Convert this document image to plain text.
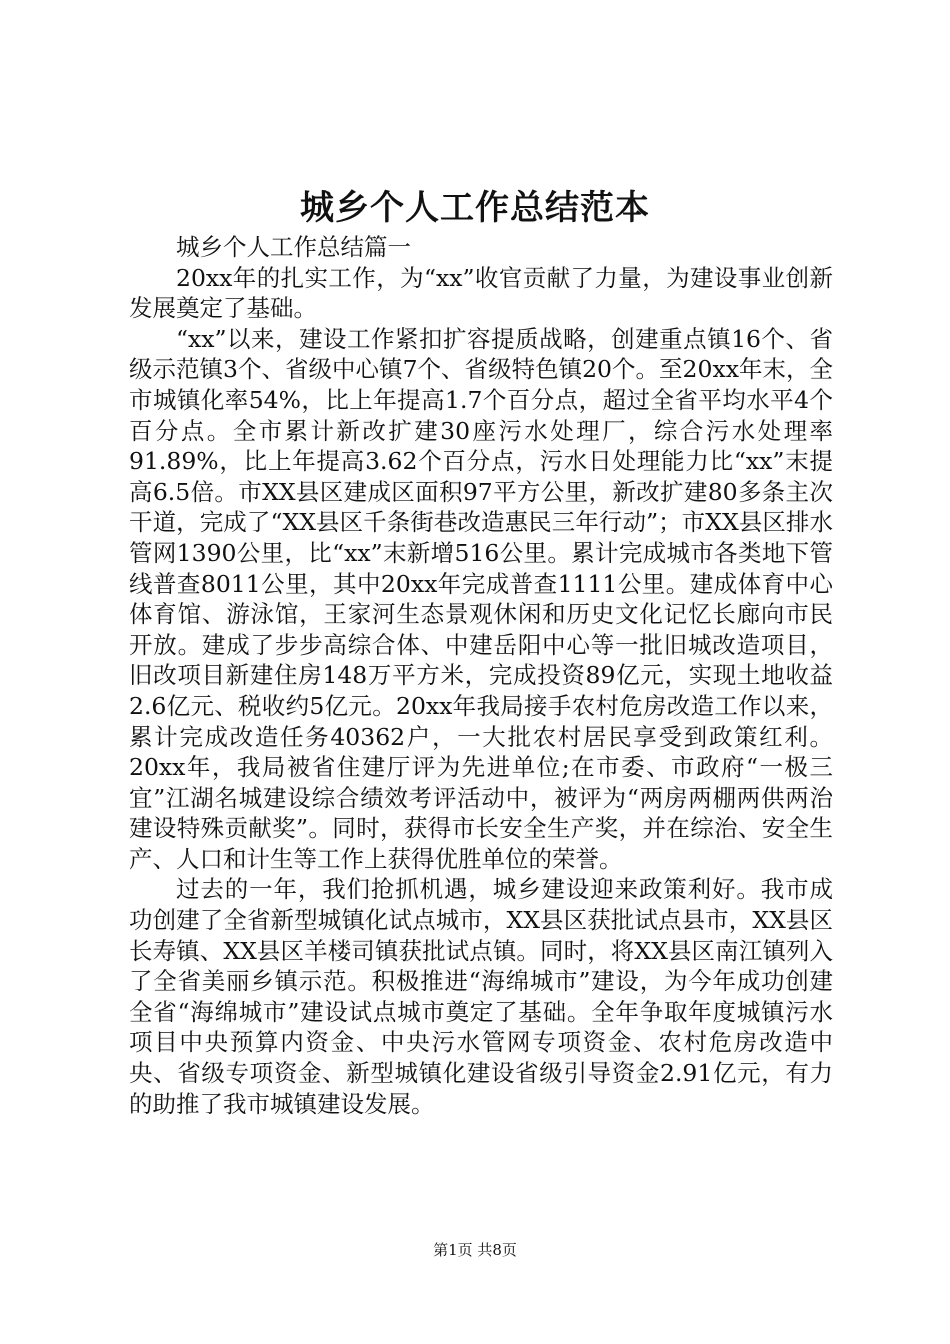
城乡个人工作总结范本

城乡个人工作总结篇一

20xx年的扎实工作，为“xx”收官贡献了力量，为建设事业创新发展奠定了基础。

“xx”以来，建设工作紧扣扩容提质战略，创建重点镇16个、省级示范镇3个、省级中心镇7个、省级特色镇20个。至20xx年末，全市城镇化率54%，比上年提高1.7个百分点，超过全省平均水平4个百分点。全市累计新改扩建30座污水处理厂，综合污水处理率91.89%，比上年提高3.62个百分点，污水日处理能力比“xx”末提高6.5倍。市XX县区建成区面积97平方公里，新改扩建80多条主次干道，完成了“XX县区千条街巷改造惠民三年行动”；市XX县区排水管网1390公里，比“xx”末新增516公里。累计完成城市各类地下管线普查8011公里，其中20xx年完成普查1111公里。建成体育中心体育馆、游泳馆，王家河生态景观休闲和历史文化记忆长廊向市民开放。建成了步步高综合体、中建岳阳中心等一批旧城改造项目，旧改项目新建住房148万平方米，完成投资89亿元，实现土地收益2.6亿元、税收约5亿元。20xx年我局接手农村危房改造工作以来，累计完成改造任务40362户，一大批农村居民享受到政策红利。20xx年，我局被省住建厅评为先进单位;在市委、市政府“一极三宜”江湖名城建设综合绩效考评活动中，被评为“两房两棚两供两治建设特殊贡献奖”。同时，获得市长安全生产奖，并在综治、安全生产、人口和计生等工作上获得优胜单位的荣誉。

过去的一年，我们抢抓机遇，城乡建设迎来政策利好。我市成功创建了全省新型城镇化试点城市，XX县区获批试点县市，XX县区长寿镇、XX县区羊楼司镇获批试点镇。同时，将XX县区南江镇列入了全省美丽乡镇示范。积极推进“海绵城市”建设，为今年成功创建全省“海绵城市”建设试点城市奠定了基础。全年争取年度城镇污水项目中央预算内资金、中央污水管网专项资金、农村危房改造中央、省级专项资金、新型城镇化建设省级引导资金2.91亿元，有力的助推了我市城镇建设发展。

第1页 共8页
